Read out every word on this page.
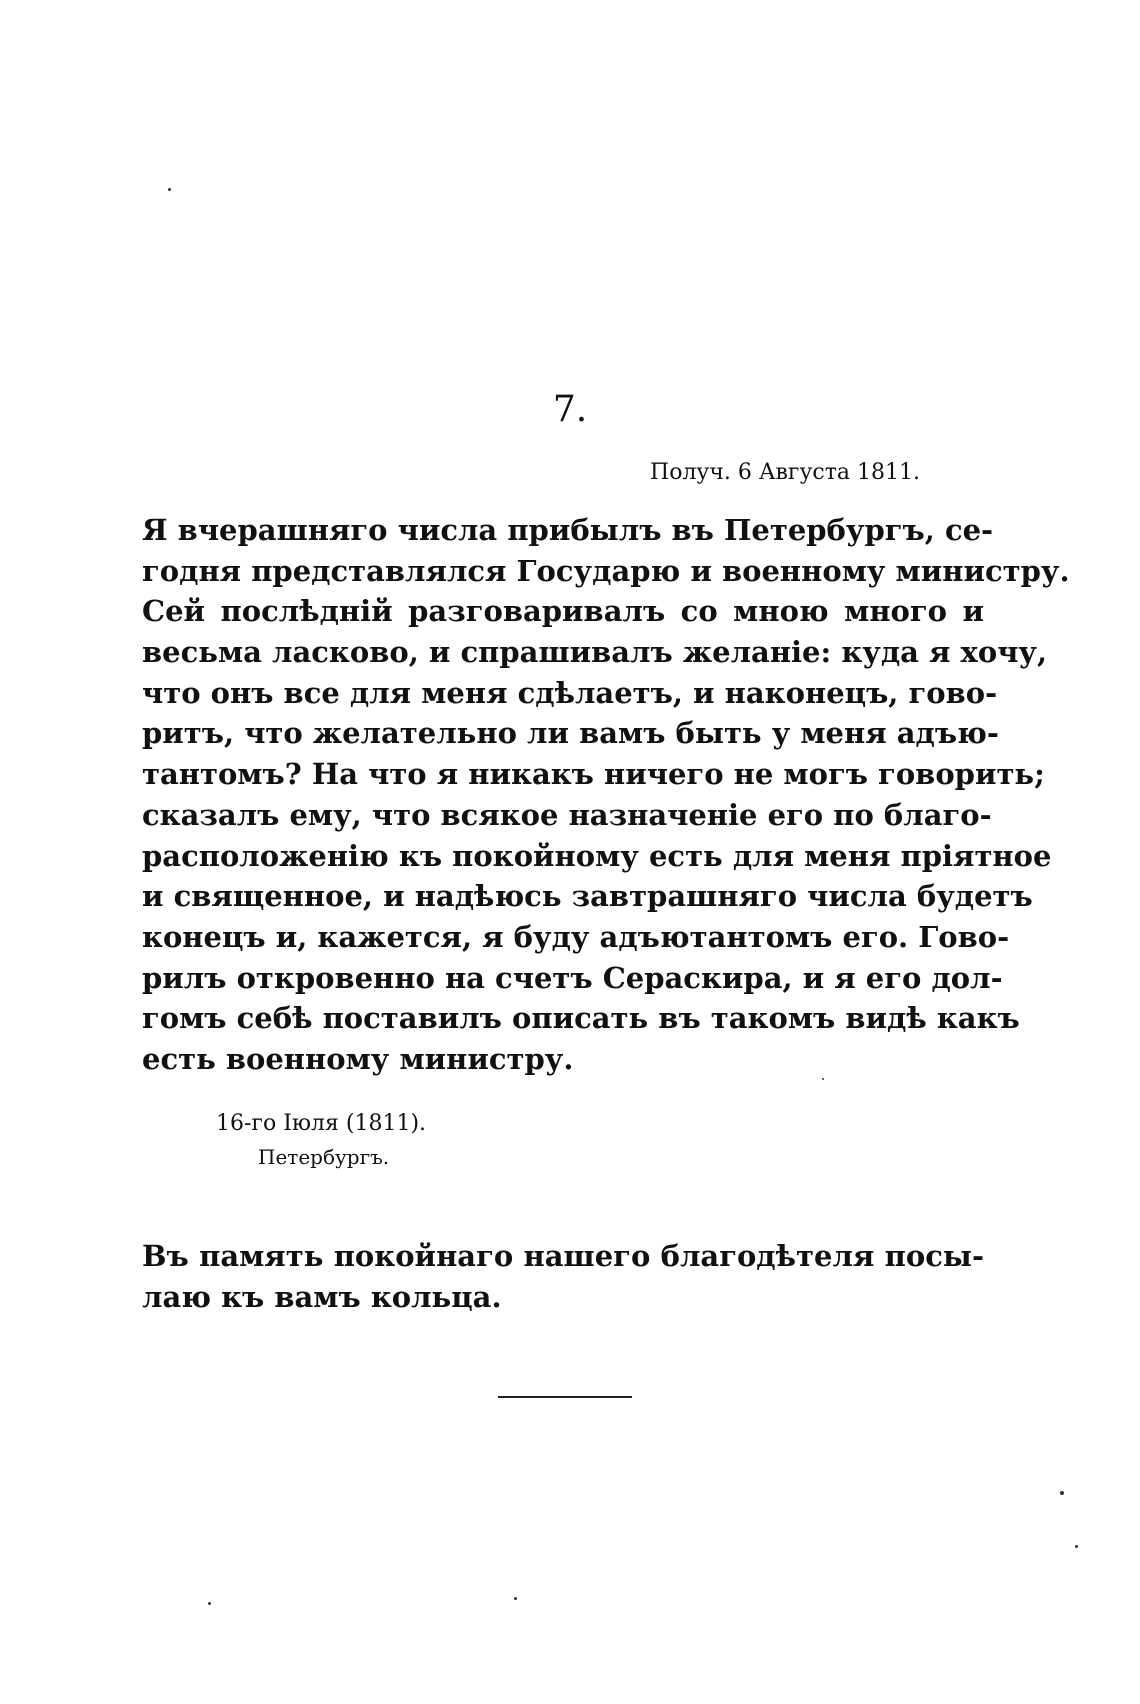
7.
Получ. 6 Августа 1811.
Я вчерашняго числа прибылъ въ Петербургъ, се-
годня представлялся Государю и военному министру.
Сей послѣднiй разговаривалъ со мною много и
весьма ласково, и спрашивалъ желанiе: куда я хочу,
что онъ все для меня сдѣлаетъ, и наконецъ, гово-
ритъ, что желательно ли вамъ быть у меня адъю-
тантомъ? На что я никакъ ничего не могъ говорить;
сказалъ ему, что всякое назначенiе его по благо-
расположенiю къ покойному есть для меня прiятное
и священное, и надѣюсь завтрашняго числа будетъ
конецъ и, кажется, я буду адъютантомъ его. Гово-
рилъ откровенно на счетъ Сераскира, и я его дол-
гомъ себѣ поставилъ описать въ такомъ видѣ какъ
есть военному министру.
16-го Iюля (1811).
Петербургъ.
Въ память покойнаго нашего благодѣтеля посы-
лаю къ вамъ кольца.
